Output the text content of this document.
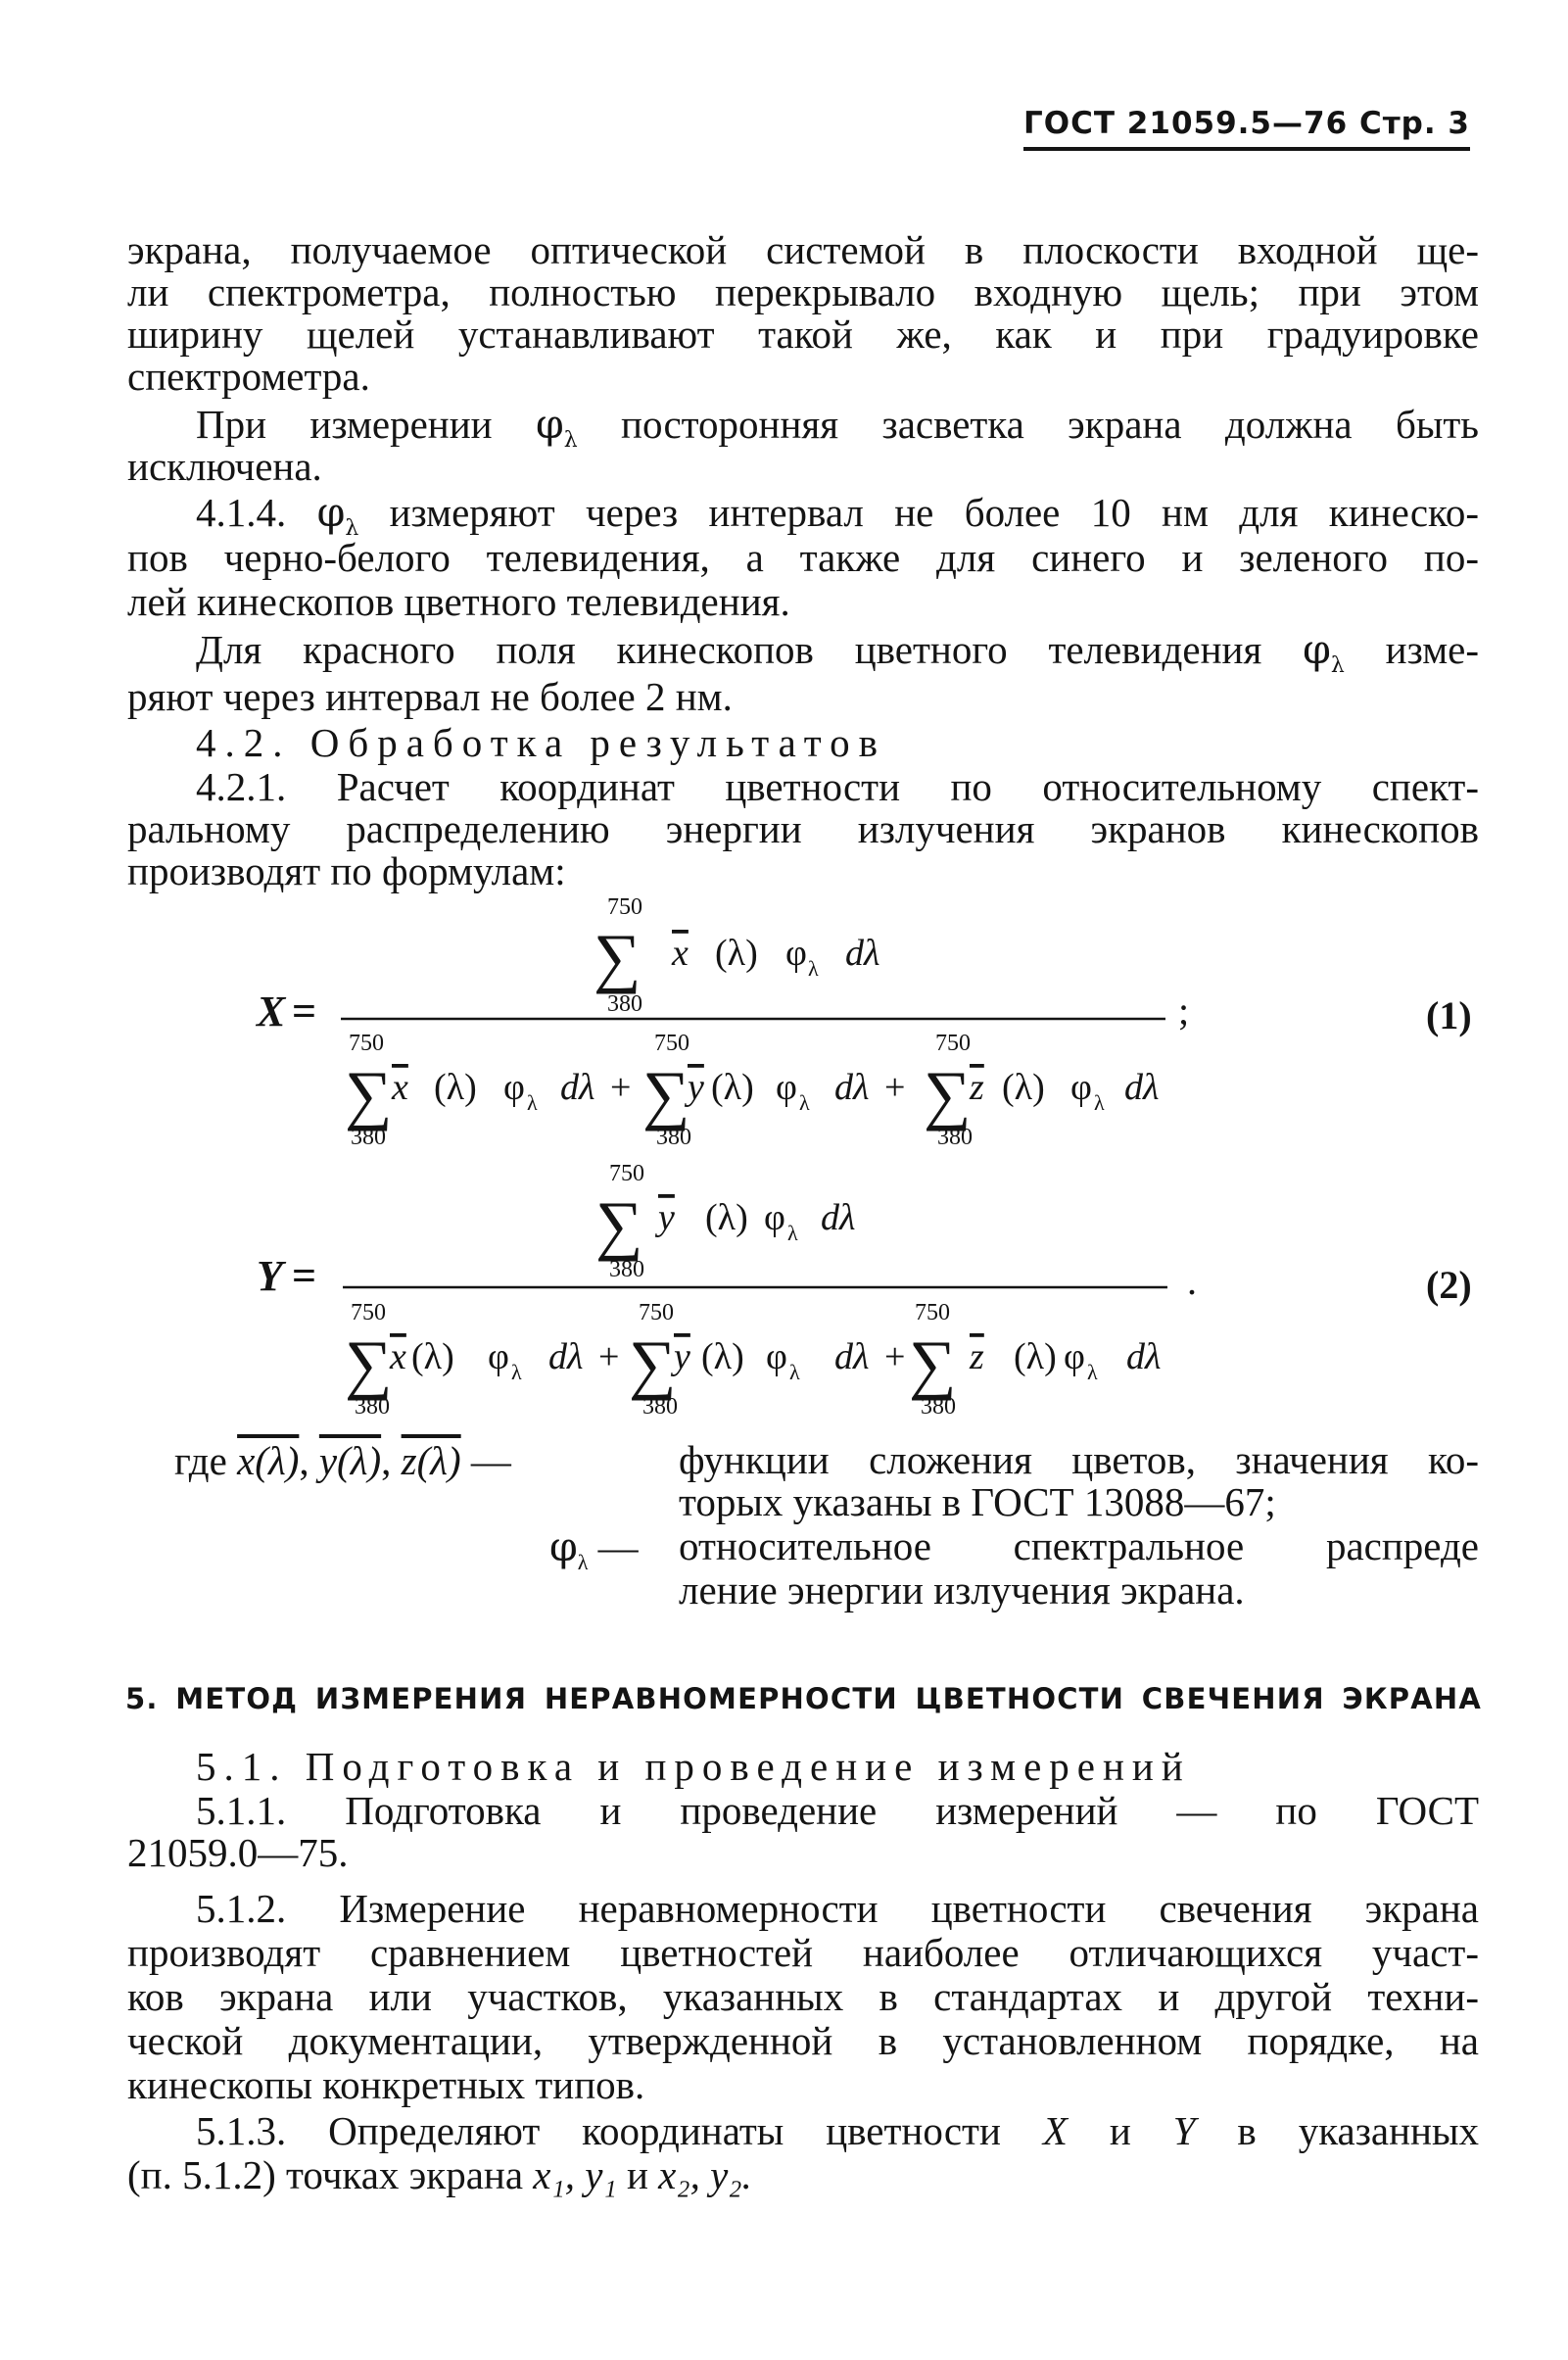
ГОСТ 21059.5—76 Стр. 3
экрана, получаемое оптической системой в плоскости входной ще-
ли спектрометра, полностью перекрывало входную щель; при этом
ширину щелей устанавливают такой же, как и при градуировке
спектрометра.
При измерении $\varphi_\lambda$ посторонняя засветка экрана должна быть
исключена.
4.1.4. $\varphi_\lambda$ измеряют через интервал не более 10 нм для кинеско-
пов черно-белого телевидения, а также для синего и зеленого по-
лей кинескопов цветного телевидения.
Для красного поля кинескопов цветного телевидения $\varphi_\lambda$ изме-
ряют через интервал не более 2 нм.
4.2. Обработка результатов
4.2.1. Расчет координат цветности по относительному спект-
ральному распределению энергии излучения экранов кинескопов
производят по формулам:
750
∑
380
x (λ) φ λ dλ
X =	;	(1)
750
∑
380
x (λ) φ λ dλ +
750
∑
380
y (λ) φ λ dλ +
750
∑
380
z (λ) φ λ dλ
750
∑
380
y (λ) φ λ dλ
Y =	.	(2)
750
∑
380
x (λ) φ λ dλ +
750
∑
380
y (λ) φ λ dλ +
750
∑
380
z (λ) φ λ dλ
где x(λ), y(λ), z(λ) —	функции сложения цветов, значения ко-
торых указаны в ГОСТ 13088—67;
$\varphi_\lambda$ — относительное спектральное распреде
ление энергии излучения экрана.
5. МЕТОД ИЗМЕРЕНИЯ НЕРАВНОМЕРНОСТИ ЦВЕТНОСТИ СВЕЧЕНИЯ ЭКРАНА
5.1. Подготовка и проведение измерений
5.1.1. Подготовка и проведение измерений — по ГОСТ
21059.0—75.
5.1.2. Измерение неравномерности цветности свечения экрана
производят сравнением цветностей наиболее отличающихся участ-
ков экрана или участков, указанных в стандартах и другой техни-
ческой документации, утвержденной в установленном порядке, на
кинескопы конкретных типов.
5.1.3. Определяют координаты цветности X и Y в указанных
(п. 5.1.2) точках экрана x₁, y₁ и x₂, y₂.
